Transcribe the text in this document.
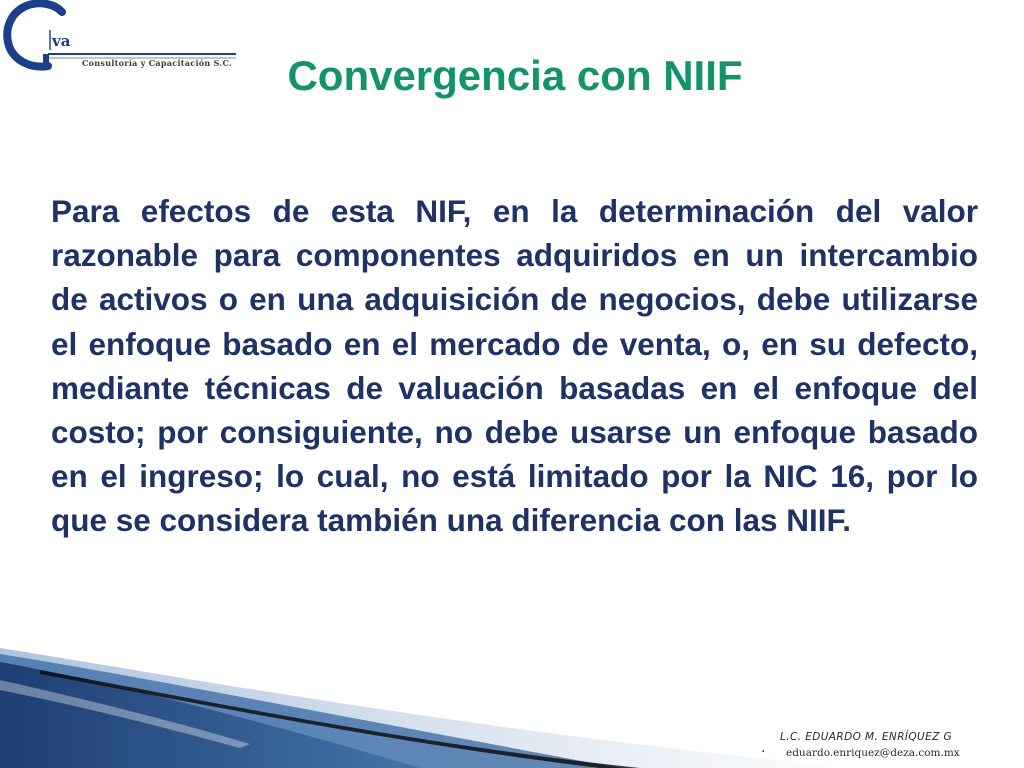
va
Consultoría y Capacitación S.C.	Convergencia con NIIF

Para efectos de esta NIF, en la determinación del valor razonable para componentes adquiridos en un intercambio de activos o en una adquisición de negocios, debe utilizarse el enfoque basado en el mercado de venta, o, en su defecto, mediante técnicas de valuación basadas en el enfoque del costo; por consiguiente, no debe usarse un enfoque basado en el ingreso; lo cual, no está limitado por la NIC 16, por lo que se considera también una diferencia con las NIIF.

.
L.C. EDUARDO M. ENRÍQUEZ G
eduardo.enriquez@deza.com.mx
